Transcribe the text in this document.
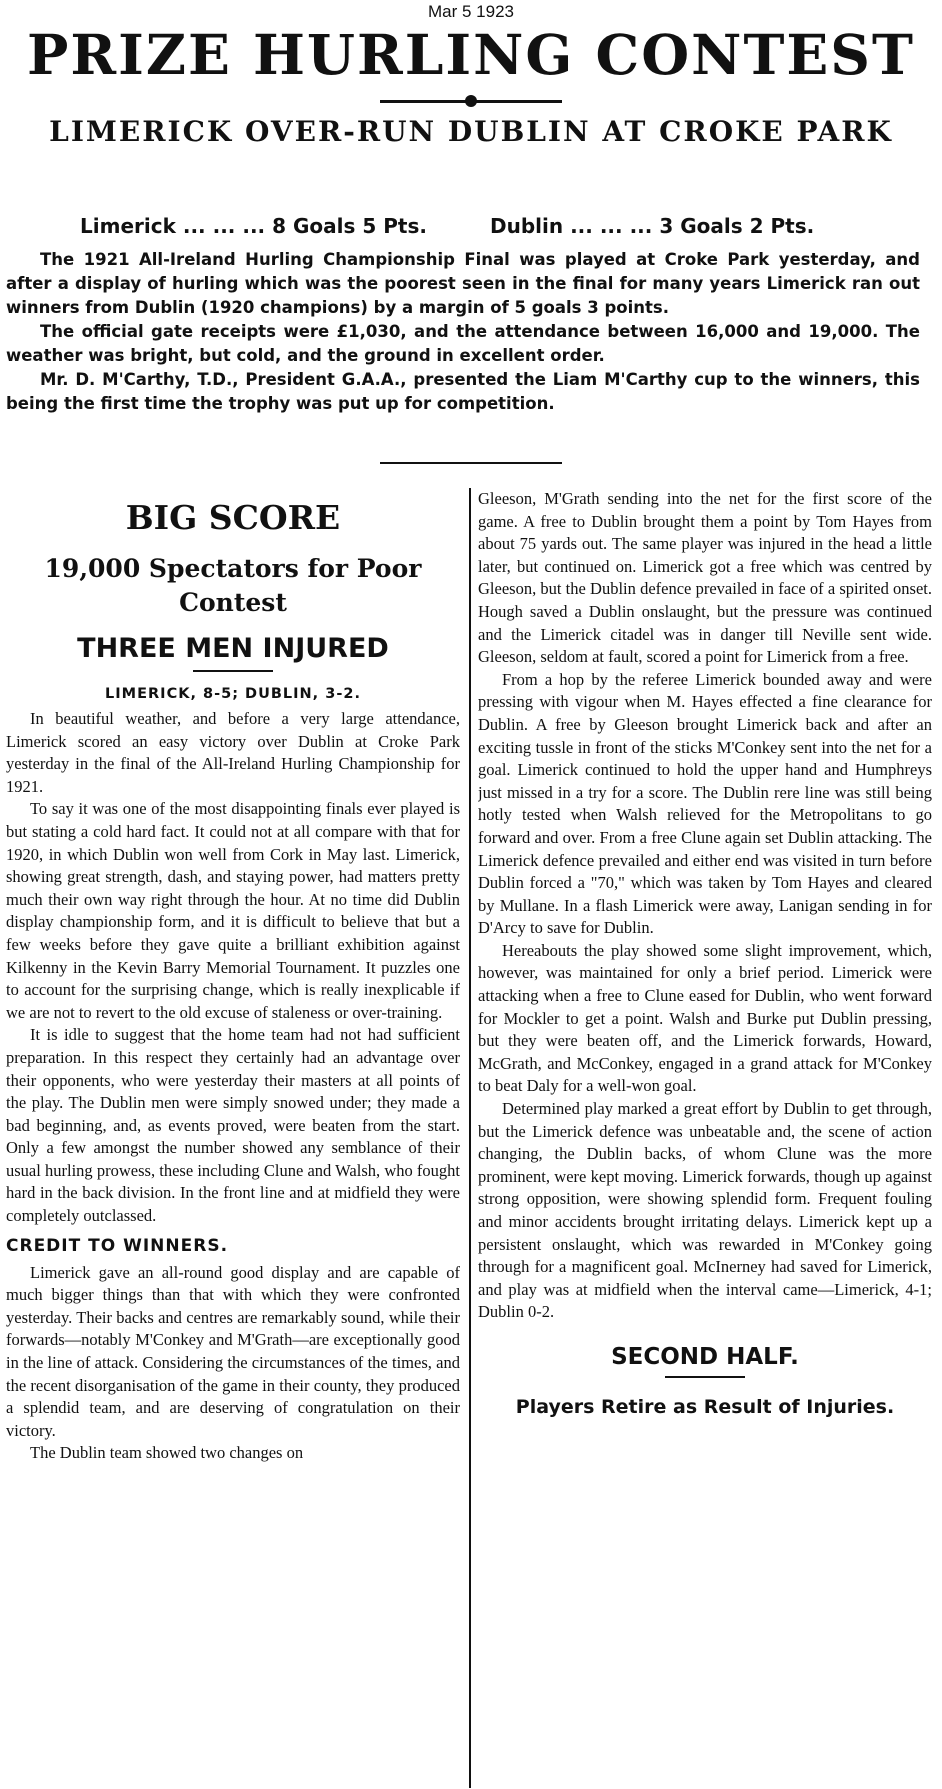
Mar 5 1923
PRIZE HURLING CONTEST
LIMERICK OVER-RUN DUBLIN AT CROKE PARK
Limerick ... ... ... 8 Goals 5 Pts.	Dublin ... ... ... 3 Goals 2 Pts.

The 1921 All-Ireland Hurling Championship Final was played at Croke Park yesterday, and after a display of hurling which was the poorest seen in the final for many years Limerick ran out winners from Dublin (1920 champions) by a margin of 5 goals 3 points.

The official gate receipts were £1,030, and the attendance between 16,000 and 19,000. The weather was bright, but cold, and the ground in excellent order.

Mr. D. M'Carthy, T.D., President G.A.A., presented the Liam M'Carthy cup to the winners, this being the first time the trophy was put up for competition.

BIG SCORE
19,000 Spectators for Poor Contest
THREE MEN INJURED
LIMERICK, 8-5; DUBLIN, 3-2.

In beautiful weather, and before a very large attendance, Limerick scored an easy victory over Dublin at Croke Park yesterday in the final of the All-Ireland Hurling Championship for 1921.

To say it was one of the most disappointing finals ever played is but stating a cold hard fact. It could not at all compare with that for 1920, in which Dublin won well from Cork in May last. Limerick, showing great strength, dash, and staying power, had matters pretty much their own way right through the hour. At no time did Dublin display championship form, and it is difficult to believe that but a few weeks before they gave quite a brilliant exhibition against Kilkenny in the Kevin Barry Memorial Tournament. It puzzles one to account for the surprising change, which is really inexplicable if we are not to revert to the old excuse of staleness or over-training.

It is idle to suggest that the home team had not had sufficient preparation. In this respect they certainly had an advantage over their opponents, who were yesterday their masters at all points of the play. The Dublin men were simply snowed under; they made a bad beginning, and, as events proved, were beaten from the start. Only a few amongst the number showed any semblance of their usual hurling prowess, these including Clune and Walsh, who fought hard in the back division. In the front line and at midfield they were completely outclassed.

CREDIT TO WINNERS.

Limerick gave an all-round good display and are capable of much bigger things than that with which they were confronted yesterday. Their backs and centres are remarkably sound, while their forwards—notably M'Conkey and M'Grath—are exceptionally good in the line of attack. Considering the circumstances of the times, and the recent disorganisation of the game in their county, they produced a splendid team, and are deserving of congratulation on their victory.

The Dublin team showed two changes on

Gleeson, M'Grath sending into the net for the first score of the game. A free to Dublin brought them a point by Tom Hayes from about 75 yards out. The same player was injured in the head a little later, but continued on. Limerick got a free which was centred by Gleeson, but the Dublin defence prevailed in face of a spirited onset. Hough saved a Dublin onslaught, but the pressure was continued and the Limerick citadel was in danger till Neville sent wide. Gleeson, seldom at fault, scored a point for Limerick from a free.

From a hop by the referee Limerick bounded away and were pressing with vigour when M. Hayes effected a fine clearance for Dublin. A free by Gleeson brought Limerick back and after an exciting tussle in front of the sticks M'Conkey sent into the net for a goal. Limerick continued to hold the upper hand and Humphreys just missed in a try for a score. The Dublin rere line was still being hotly tested when Walsh relieved for the Metropolitans to go forward and over. From a free Clune again set Dublin attacking. The Limerick defence prevailed and either end was visited in turn before Dublin forced a "70," which was taken by Tom Hayes and cleared by Mullane. In a flash Limerick were away, Lanigan sending in for D'Arcy to save for Dublin.

Hereabouts the play showed some slight improvement, which, however, was maintained for only a brief period. Limerick were attacking when a free to Clune eased for Dublin, who went forward for Mockler to get a point. Walsh and Burke put Dublin pressing, but they were beaten off, and the Limerick forwards, Howard, McGrath, and McConkey, engaged in a grand attack for M'Conkey to beat Daly for a well-won goal.

Determined play marked a great effort by Dublin to get through, but the Limerick defence was unbeatable and, the scene of action changing, the Dublin backs, of whom Clune was the more prominent, were kept moving. Limerick forwards, though up against strong opposition, were showing splendid form. Frequent fouling and minor accidents brought irritating delays. Limerick kept up a persistent onslaught, which was rewarded in M'Conkey going through for a magnificent goal. McInerney had saved for Limerick, and play was at midfield when the interval came—Limerick, 4-1; Dublin 0-2.

SECOND HALF.
Players Retire as Result of Injuries.
